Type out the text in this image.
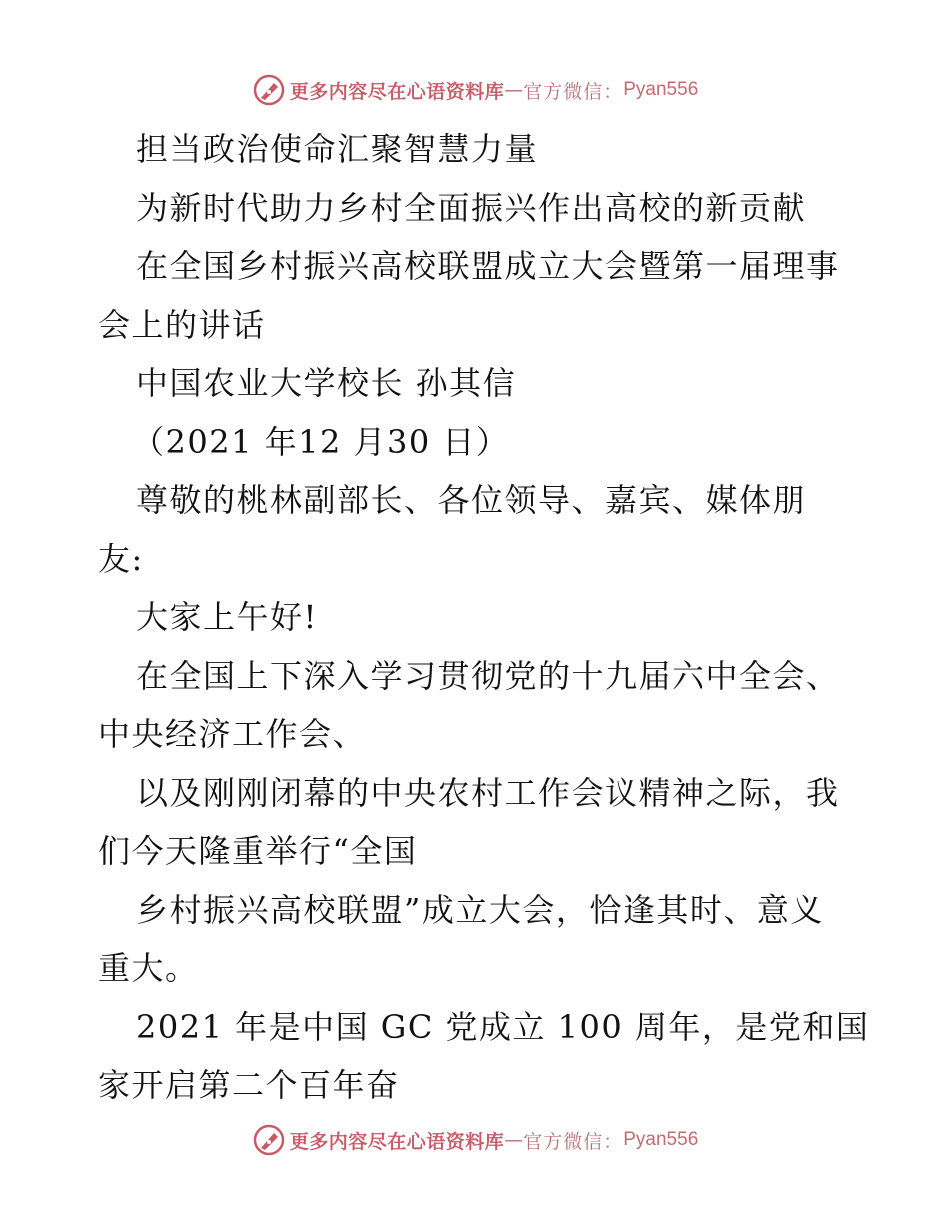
更多内容尽在心语资料库 — 官方微信： Pyan556
担当政治使命汇聚智慧力量
为新时代助力乡村全面振兴作出高校的新贡献
在全国乡村振兴高校联盟成立大会暨第一届理事
会上的讲话
中国农业大学校长 孙其信
（2021 年12 月30 日）
尊敬的桃林副部长、各位领导、嘉宾、媒体朋
友:
大家上午好!
在全国上下深入学习贯彻党的十九届六中全会、
中央经济工作会、
以及刚刚闭幕的中央农村工作会议精神之际，我
们今天隆重举行“全国
乡村振兴高校联盟”成立大会，恰逢其时、意义
重大。
2021 年是中国 GC 党成立 100 周年，是党和国
家开启第二个百年奋
更多内容尽在心语资料库 — 官方微信： Pyan556
